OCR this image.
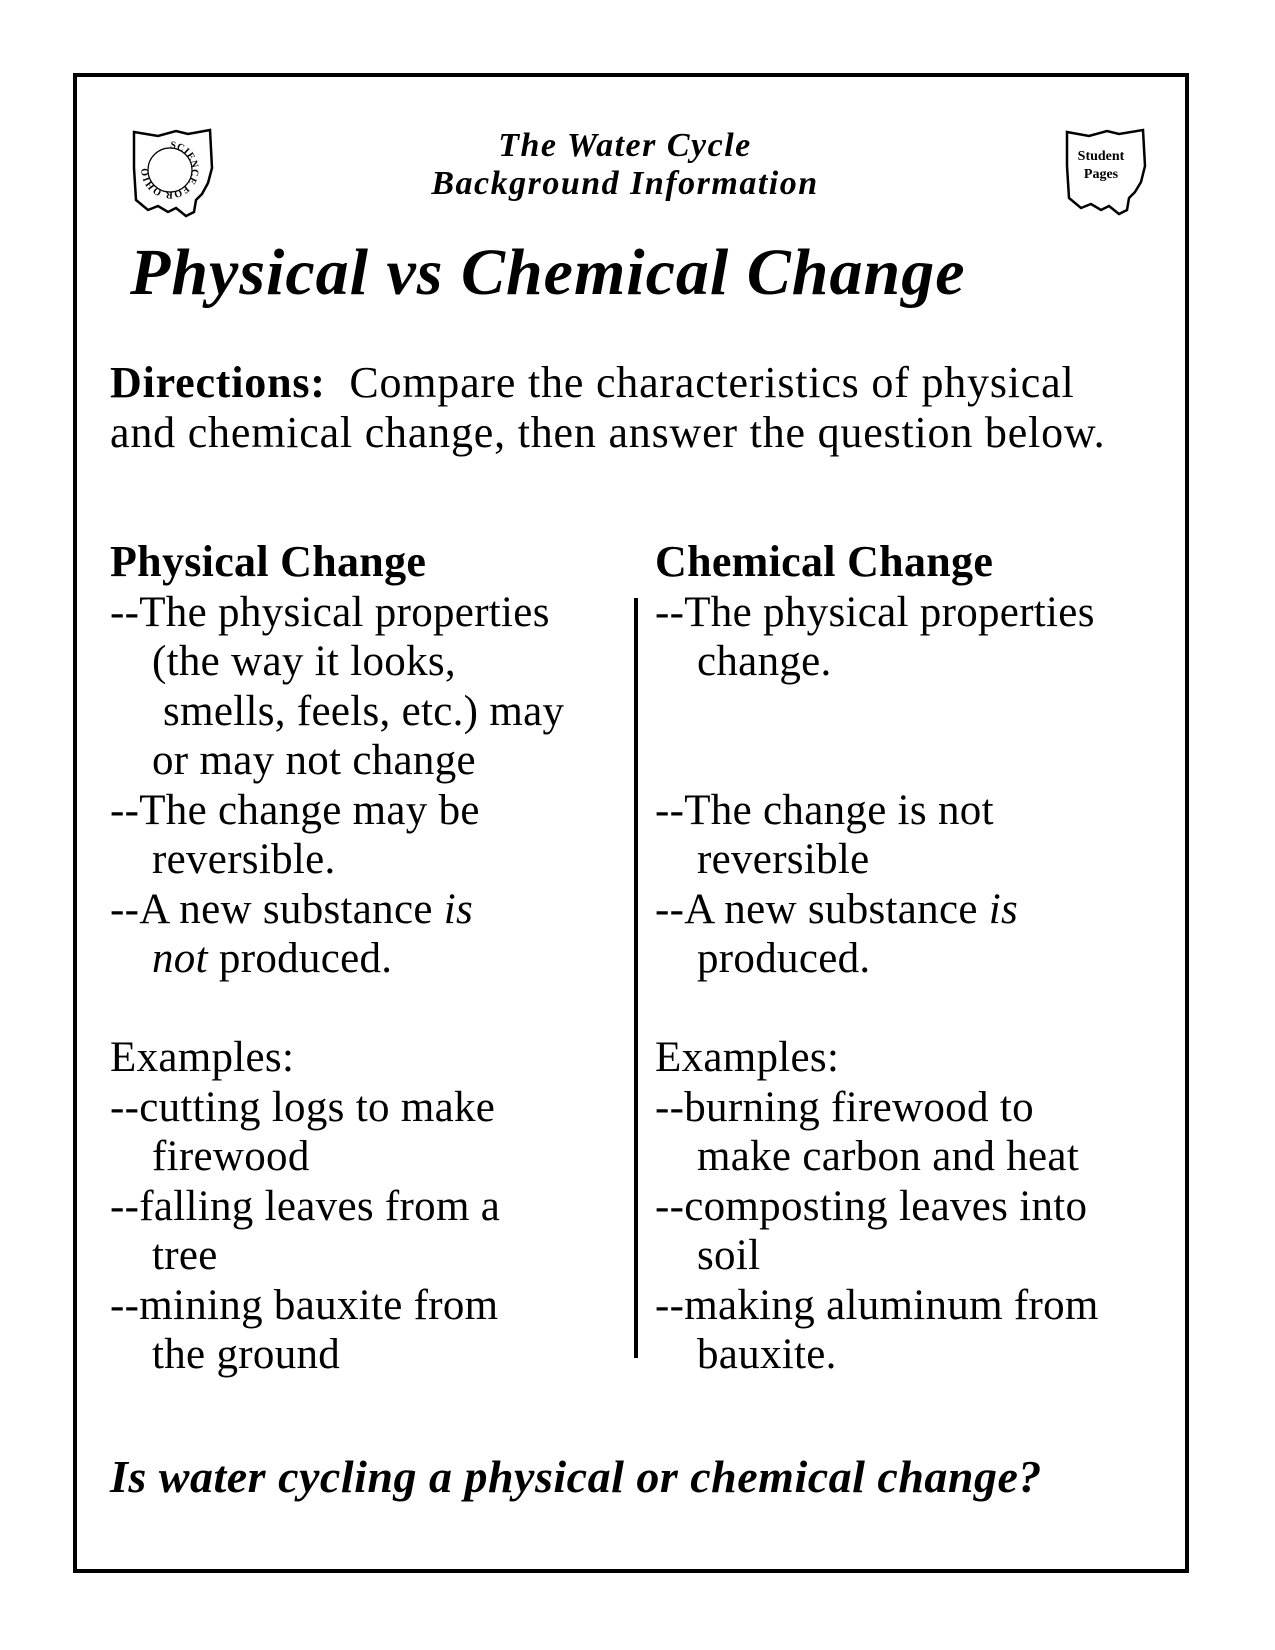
SCIENCE FOR OHIO
Student
Pages
The Water Cycle
Background Information
Physical vs Chemical Change
Directions: Compare the characteristics of physical and chemical change, then answer the question below.
Physical Change
--The physical properties
(the way it looks,
smells, feels, etc.) may
or may not change
--The change may be
reversible.
--A new substance is
not produced.
Examples:
--cutting logs to make
firewood
--falling leaves from a
tree
--mining bauxite from
the ground
Chemical Change
--The physical properties
change.
--The change is not
reversible
--A new substance is
produced.
Examples:
--burning firewood to
make carbon and heat
--composting leaves into
soil
--making aluminum from
bauxite.
Is water cycling a physical or chemical change?
